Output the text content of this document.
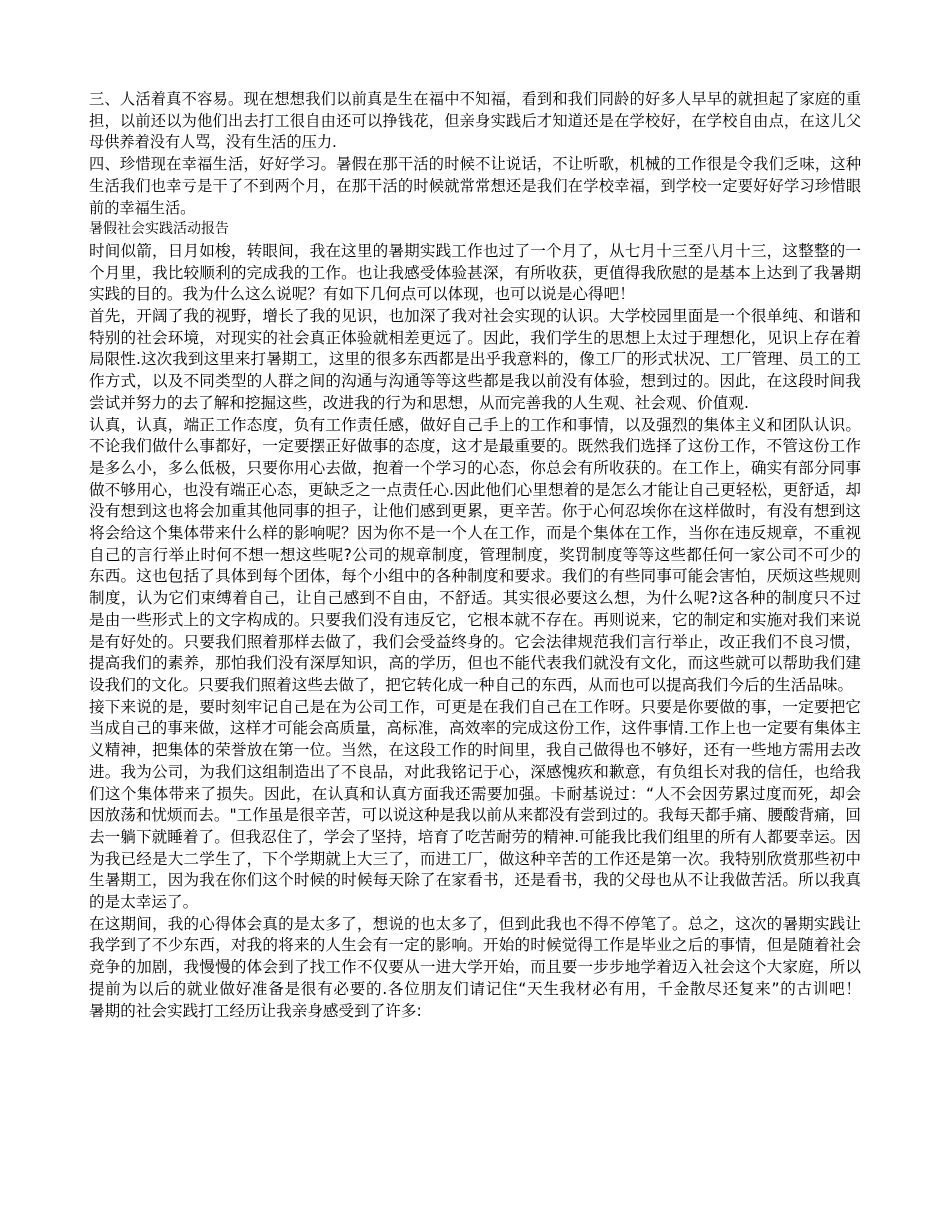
三、人活着真不容易。现在想想我们以前真是生在福中不知福，看到和我们同龄的好多人早早的就担起了家庭的重担，以前还以为他们出去打工很自由还可以挣钱花，但亲身实践后才知道还是在学校好，在学校自由点，在这儿父母供养着没有人骂，没有生活的压力.

四、珍惜现在幸福生活，好好学习。暑假在那干活的时候不让说话，不让听歌，机械的工作很是令我们乏味，这种生活我们也幸亏是干了不到两个月，在那干活的时候就常常想还是我们在学校幸福，到学校一定要好好学习珍惜眼前的幸福生活。

暑假社会实践活动报告

时间似箭，日月如梭，转眼间，我在这里的暑期实践工作也过了一个月了，从七月十三至八月十三，这整整的一个月里，我比较顺利的完成我的工作。也让我感受体验甚深，有所收获，更值得我欣慰的是基本上达到了我暑期实践的目的。我为什么这么说呢？有如下几何点可以体现，也可以说是心得吧！

首先，开阔了我的视野，增长了我的见识，也加深了我对社会实现的认识。大学校园里面是一个很单纯、和谐和特别的社会环境，对现实的社会真正体验就相差更远了。因此，我们学生的思想上太过于理想化，见识上存在着局限性.这次我到这里来打暑期工，这里的很多东西都是出乎我意料的，像工厂的形式状况、工厂管理、员工的工作方式，以及不同类型的人群之间的沟通与沟通等等这些都是我以前没有体验，想到过的。因此，在这段时间我尝试并努力的去了解和挖掘这些，改进我的行为和思想，从而完善我的人生观、社会观、价值观.

认真，认真，端正工作态度，负有工作责任感，做好自己手上的工作和事情，以及强烈的集体主义和团队认识。不论我们做什么事都好，一定要摆正好做事的态度，这才是最重要的。既然我们选择了这份工作，不管这份工作是多么小，多么低极，只要你用心去做，抱着一个学习的心态，你总会有所收获的。在工作上，确实有部分同事做不够用心，也没有端正心态，更缺乏之一点责任心.因此他们心里想着的是怎么才能让自己更轻松，更舒适，却没有想到这也将会加重其他同事的担子，让他们感到更累，更辛苦。你于心何忍埃你在这样做时，有没有想到这将会给这个集体带来什么样的影响呢？因为你不是一个人在工作，而是个集体在工作，当你在违反规章，不重视自己的言行举止时何不想一想这些呢?公司的规章制度，管理制度，奖罚制度等等这些都任何一家公司不可少的东西。这也包括了具体到每个团体，每个小组中的各种制度和要求。我们的有些同事可能会害怕，厌烦这些规则制度，认为它们束缚着自己，让自己感到不自由，不舒适。其实很必要这么想，为什么呢?这各种的制度只不过是由一些形式上的文字构成的。只要我们没有违反它，它根本就不存在。再则说来，它的制定和实施对我们来说是有好处的。只要我们照着那样去做了，我们会受益终身的。它会法律规范我们言行举止，改正我们不良习惯，提高我们的素养，那怕我们没有深厚知识，高的学历，但也不能代表我们就没有文化，而这些就可以帮助我们建设我们的文化。只要我们照着这些去做了，把它转化成一种自己的东西，从而也可以提高我们今后的生活品味。

接下来说的是，要时刻牢记自己是在为公司工作，可更是在我们自己在工作呀。只要是你要做的事，一定要把它当成自己的事来做，这样才可能会高质量，高标准，高效率的完成这份工作，这件事情.工作上也一定要有集体主义精神，把集体的荣誉放在第一位。当然，在这段工作的时间里，我自己做得也不够好，还有一些地方需用去改进。我为公司，为我们这组制造出了不良品，对此我铭记于心，深感愧疚和歉意，有负组长对我的信任，也给我们这个集体带来了损失。因此，在认真和认真方面我还需要加强。卡耐基说过：“人不会因劳累过度而死，却会因放荡和忧烦而去。"工作虽是很辛苦，可以说这种是我以前从来都没有尝到过的。我每天都手痛、腰酸背痛，回去一躺下就睡着了。但我忍住了，学会了坚持，培育了吃苦耐劳的精神.可能我比我们组里的所有人都要幸运。因为我已经是大二学生了，下个学期就上大三了，而进工厂，做这种辛苦的工作还是第一次。我特别欣赏那些初中生暑期工，因为我在你们这个时候的时候每天除了在家看书，还是看书，我的父母也从不让我做苦活。所以我真的是太幸运了。

在这期间，我的心得体会真的是太多了，想说的也太多了，但到此我也不得不停笔了。总之，这次的暑期实践让我学到了不少东西，对我的将来的人生会有一定的影响。开始的时候觉得工作是毕业之后的事情，但是随着社会竞争的加剧，我慢慢的体会到了找工作不仅要从一进大学开始，而且要一步步地学着迈入社会这个大家庭，所以提前为以后的就业做好准备是很有必要的.各位朋友们请记住“天生我材必有用，千金散尽还复来”的古训吧！　　暑期的社会实践打工经历让我亲身感受到了许多:
